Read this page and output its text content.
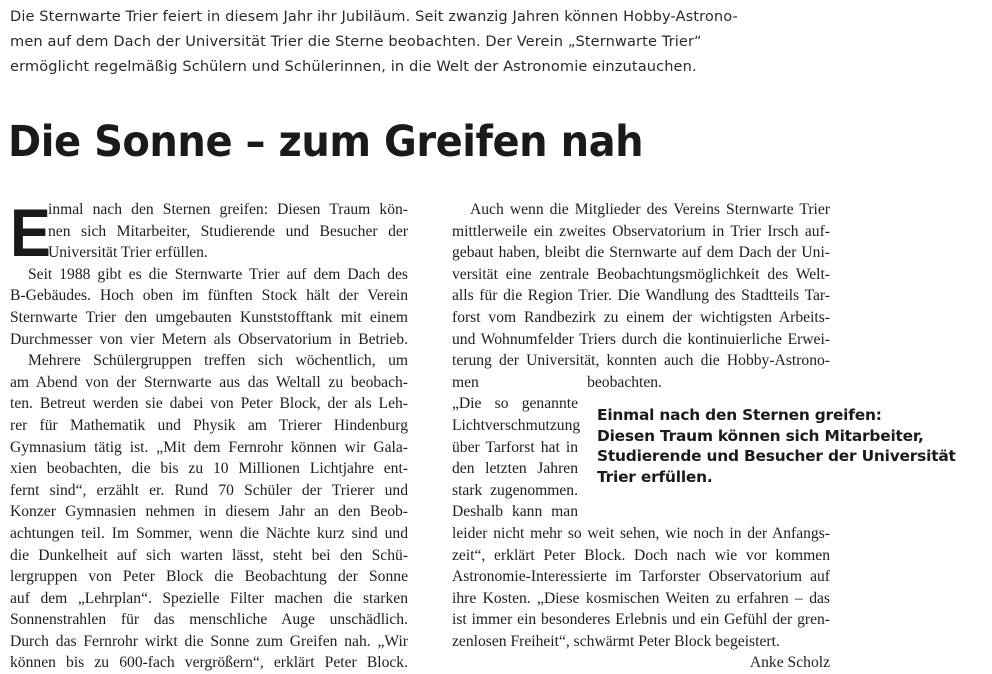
Die Sternwarte Trier feiert in diesem Jahr ihr Jubiläum. Seit zwanzig Jahren können Hobby-Astrono-
men auf dem Dach der Universität Trier die Sterne beobachten. Der Verein „Sternwarte Trier“
ermöglicht regelmäßig Schülern und Schülerinnen, in die Welt der Astronomie einzutauchen.
Die Sonne – zum Greifen nah
E
inmal nach den Sternen greifen: Diesen Traum kön-
nen sich Mitarbeiter, Studierende und Besucher der
Universität Trier erfüllen.
Seit 1988 gibt es die Sternwarte Trier auf dem Dach des
B-Gebäudes. Hoch oben im fünften Stock hält der Verein
Sternwarte Trier den umgebauten Kunststofftank mit einem
Durchmesser von vier Metern als Observatorium in Betrieb.
Mehrere Schülergruppen treffen sich wöchentlich, um
am Abend von der Sternwarte aus das Weltall zu beobach-
ten. Betreut werden sie dabei von Peter Block, der als Leh-
rer für Mathematik und Physik am Trierer Hindenburg
Gymnasium tätig ist. „Mit dem Fernrohr können wir Gala-
xien beobachten, die bis zu 10 Millionen Lichtjahre ent-
fernt sind“, erzählt er. Rund 70 Schüler der Trierer und
Konzer Gymnasien nehmen in diesem Jahr an den Beob-
achtungen teil. Im Sommer, wenn die Nächte kurz sind und
die Dunkelheit auf sich warten lässt, steht bei den Schü-
lergruppen von Peter Block die Beobachtung der Sonne
auf dem „Lehrplan“. Spezielle Filter machen die starken
Sonnenstrahlen für das menschliche Auge unschädlich.
Durch das Fernrohr wirkt die Sonne zum Greifen nah. „Wir
können bis zu 600-fach vergrößern“, erklärt Peter Block.
Auch wenn die Mitglieder des Vereins Sternwarte Trier
mittlerweile ein zweites Observatorium in Trier Irsch auf-
gebaut haben, bleibt die Sternwarte auf dem Dach der Uni-
versität eine zentrale Beobachtungsmöglichkeit des Welt-
alls für die Region Trier. Die Wandlung des Stadtteils Tar-
forst vom Randbezirk zu einem der wichtigsten Arbeits-
und Wohnumfelder Triers durch die kontinuierliche Erwei-
terung der Universität, konnten auch die Hobby-Astrono-
men beobachten.
„Die so genannte
Lichtverschmutzung
über Tarforst hat in
den letzten Jahren
stark zugenommen.
Deshalb kann man
leider nicht mehr so weit sehen, wie noch in der Anfangs-
zeit“, erklärt Peter Block. Doch nach wie vor kommen
Astronomie-Interessierte im Tarforster Observatorium auf
ihre Kosten. „Diese kosmischen Weiten zu erfahren – das
ist immer ein besonderes Erlebnis und ein Gefühl der gren-
zenlosen Freiheit“, schwärmt Peter Block begeistert.
Anke Scholz
Einmal nach den Sternen greifen:
Diesen Traum können sich Mitarbeiter,
Studierende und Besucher der Universität
Trier erfüllen.
